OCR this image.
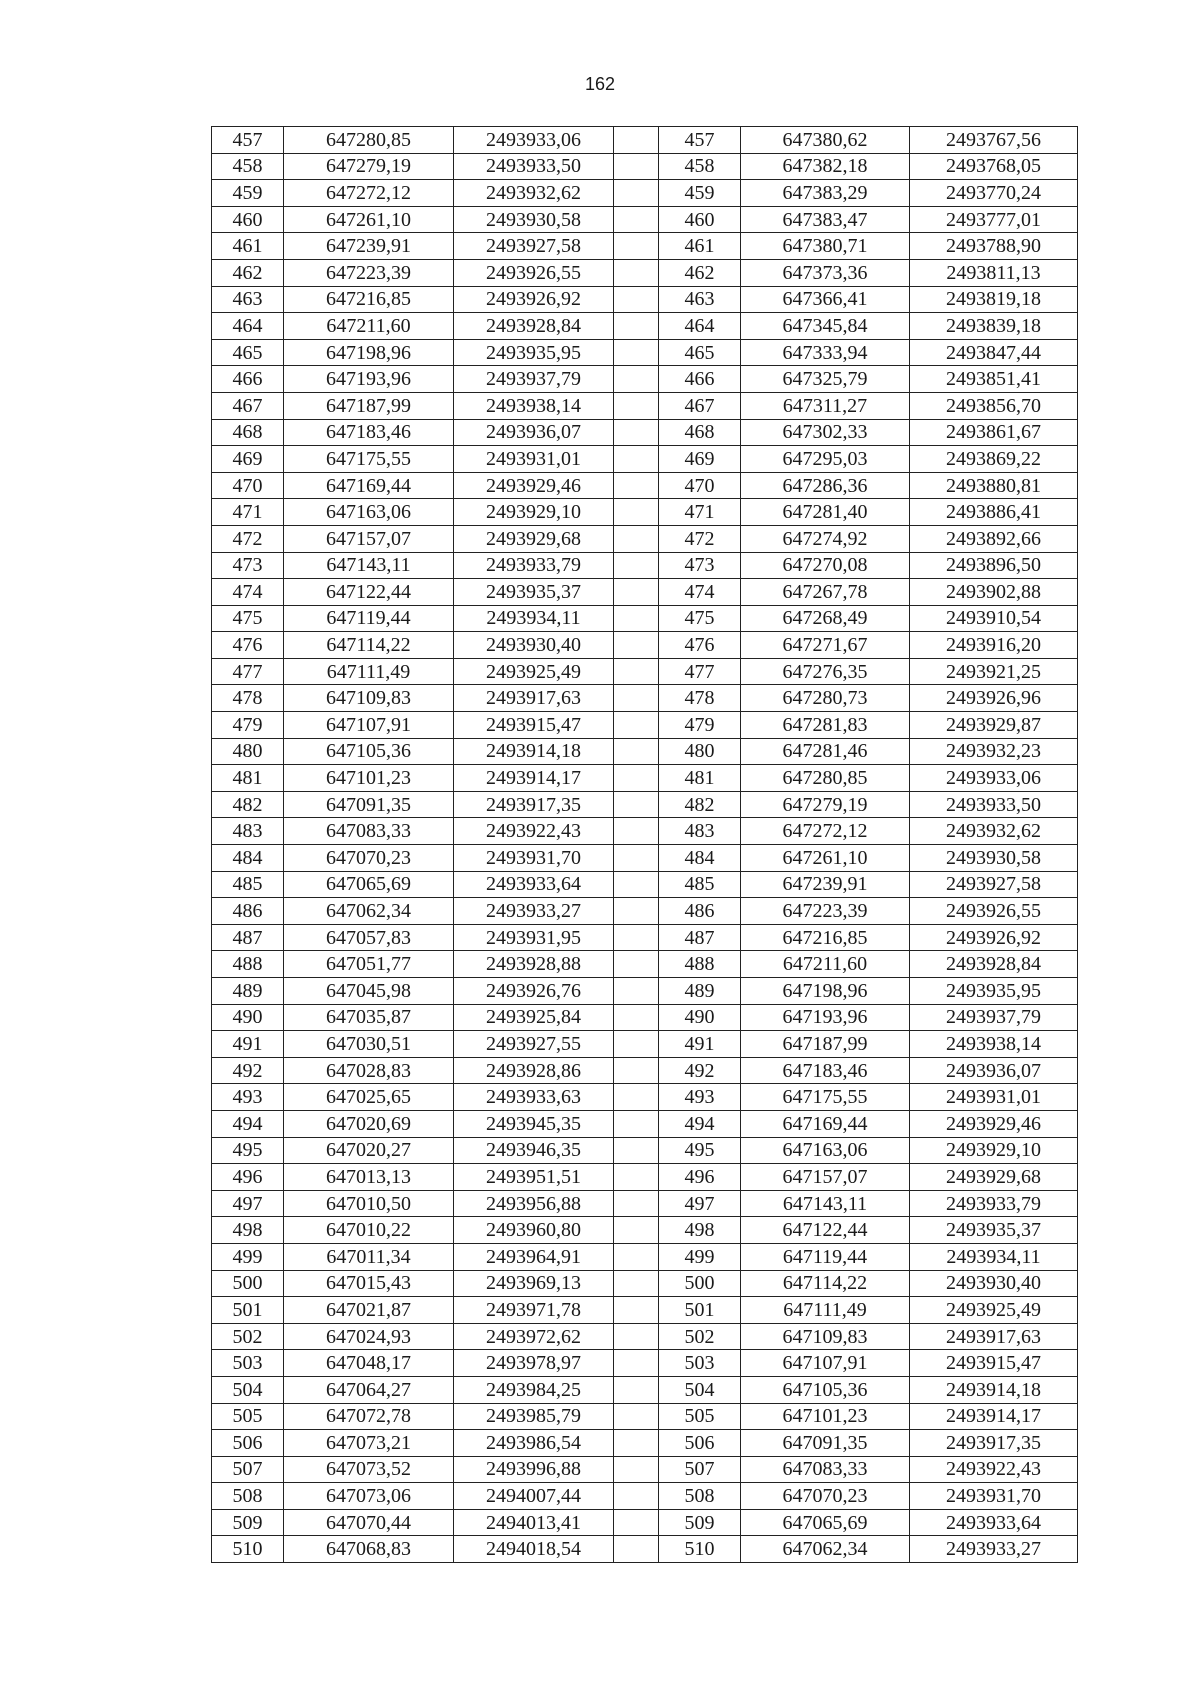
162
457	647280,85	2493933,06		457	647380,62	2493767,56
458	647279,19	2493933,50		458	647382,18	2493768,05
459	647272,12	2493932,62		459	647383,29	2493770,24
460	647261,10	2493930,58		460	647383,47	2493777,01
461	647239,91	2493927,58		461	647380,71	2493788,90
462	647223,39	2493926,55		462	647373,36	2493811,13
463	647216,85	2493926,92		463	647366,41	2493819,18
464	647211,60	2493928,84		464	647345,84	2493839,18
465	647198,96	2493935,95		465	647333,94	2493847,44
466	647193,96	2493937,79		466	647325,79	2493851,41
467	647187,99	2493938,14		467	647311,27	2493856,70
468	647183,46	2493936,07		468	647302,33	2493861,67
469	647175,55	2493931,01		469	647295,03	2493869,22
470	647169,44	2493929,46		470	647286,36	2493880,81
471	647163,06	2493929,10		471	647281,40	2493886,41
472	647157,07	2493929,68		472	647274,92	2493892,66
473	647143,11	2493933,79		473	647270,08	2493896,50
474	647122,44	2493935,37		474	647267,78	2493902,88
475	647119,44	2493934,11		475	647268,49	2493910,54
476	647114,22	2493930,40		476	647271,67	2493916,20
477	647111,49	2493925,49		477	647276,35	2493921,25
478	647109,83	2493917,63		478	647280,73	2493926,96
479	647107,91	2493915,47		479	647281,83	2493929,87
480	647105,36	2493914,18		480	647281,46	2493932,23
481	647101,23	2493914,17		481	647280,85	2493933,06
482	647091,35	2493917,35		482	647279,19	2493933,50
483	647083,33	2493922,43		483	647272,12	2493932,62
484	647070,23	2493931,70		484	647261,10	2493930,58
485	647065,69	2493933,64		485	647239,91	2493927,58
486	647062,34	2493933,27		486	647223,39	2493926,55
487	647057,83	2493931,95		487	647216,85	2493926,92
488	647051,77	2493928,88		488	647211,60	2493928,84
489	647045,98	2493926,76		489	647198,96	2493935,95
490	647035,87	2493925,84		490	647193,96	2493937,79
491	647030,51	2493927,55		491	647187,99	2493938,14
492	647028,83	2493928,86		492	647183,46	2493936,07
493	647025,65	2493933,63		493	647175,55	2493931,01
494	647020,69	2493945,35		494	647169,44	2493929,46
495	647020,27	2493946,35		495	647163,06	2493929,10
496	647013,13	2493951,51		496	647157,07	2493929,68
497	647010,50	2493956,88		497	647143,11	2493933,79
498	647010,22	2493960,80		498	647122,44	2493935,37
499	647011,34	2493964,91		499	647119,44	2493934,11
500	647015,43	2493969,13		500	647114,22	2493930,40
501	647021,87	2493971,78		501	647111,49	2493925,49
502	647024,93	2493972,62		502	647109,83	2493917,63
503	647048,17	2493978,97		503	647107,91	2493915,47
504	647064,27	2493984,25		504	647105,36	2493914,18
505	647072,78	2493985,79		505	647101,23	2493914,17
506	647073,21	2493986,54		506	647091,35	2493917,35
507	647073,52	2493996,88		507	647083,33	2493922,43
508	647073,06	2494007,44		508	647070,23	2493931,70
509	647070,44	2494013,41		509	647065,69	2493933,64
510	647068,83	2494018,54		510	647062,34	2493933,27
